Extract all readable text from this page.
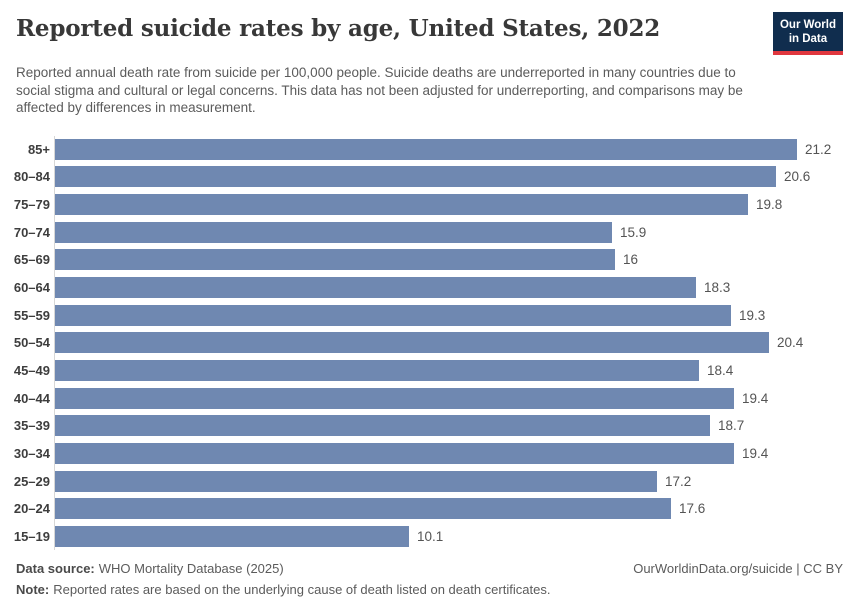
Reported suicide rates by age, United States, 2022	Our World
in Data

Reported annual death rate from suicide per 100,000 people. Suicide deaths are underreported in many countries due to social stigma and cultural or legal concerns. This data has not been adjusted for underreporting, and comparisons may be affected by differences in measurement.

85+	21.2
80–84	20.6
75–79	19.8
70–74	15.9
65–69	16
60–64	18.3
55–59	19.3
50–54	20.4
45–49	18.4
40–44	19.4
35–39	18.7
30–34	19.4
25–29	17.2
20–24	17.6
15–19	10.1
Data source: WHO Mortality Database (2025)	OurWorldinData.org/suicide | CC BY
Note: Reported rates are based on the underlying cause of death listed on death certificates.
